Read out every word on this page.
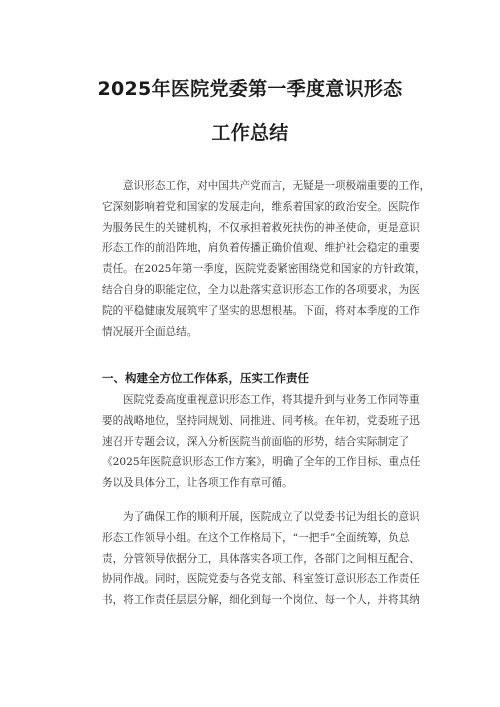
2025年医院党委第一季度意识形态
工作总结
意识形态工作，对中国共产党而言，无疑是一项极端重要的工作，
它深刻影响着党和国家的发展走向，维系着国家的政治安全。医院作
为服务民生的关键机构，不仅承担着救死扶伤的神圣使命，更是意识
形态工作的前沿阵地，肩负着传播正确价值观、维护社会稳定的重要
责任。在2025年第一季度，医院党委紧密围绕党和国家的方针政策，
结合自身的职能定位，全力以赴落实意识形态工作的各项要求，为医
院的平稳健康发展筑牢了坚实的思想根基。下面，将对本季度的工作
情况展开全面总结。
一、构建全方位工作体系，压实工作责任
医院党委高度重视意识形态工作，将其提升到与业务工作同等重
要的战略地位，坚持同规划、同推进、同考核。在年初，党委班子迅
速召开专题会议，深入分析医院当前面临的形势，结合实际制定了
《2025年医院意识形态工作方案》，明确了全年的工作目标、重点任
务以及具体分工，让各项工作有章可循。
为了确保工作的顺利开展，医院成立了以党委书记为组长的意识
形态工作领导小组。在这个工作格局下，“一把手”全面统筹，负总
责，分管领导依据分工，具体落实各项工作，各部门之间相互配合、
协同作战。同时，医院党委与各党支部、科室签订意识形态工作责任
书，将工作责任层层分解，细化到每一个岗位、每一个人，并将其纳
